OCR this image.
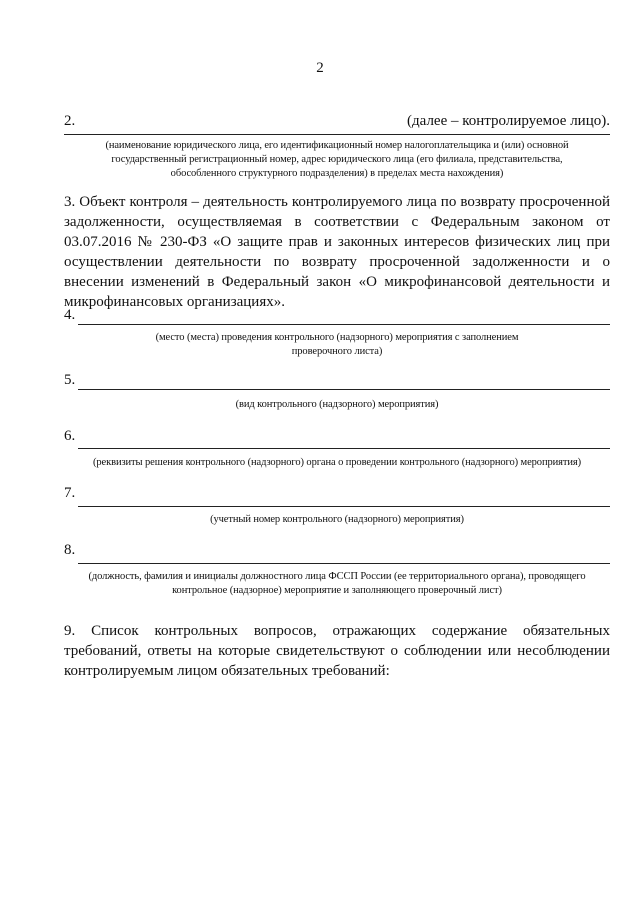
2
2.	(далее – контролируемое лицо).
(наименование юридического лица, его идентификационный номер налогоплательщика и (или) основной
государственный регистрационный номер, адрес юридического лица (его филиала, представительства,
обособленного структурного подразделения) в пределах места нахождения)
3. Объект контроля – деятельность контролируемого лица по возврату просроченной задолженности, осуществляемая в соответствии с Федеральным законом от 03.07.2016 № 230-ФЗ «О защите прав и законных интересов физических лиц при осуществлении деятельности по возврату просроченной задолженности и о внесении изменений в Федеральный закон «О микрофинансовой деятельности и микрофинансовых организациях».
4.
(место (места) проведения контрольного (надзорного) мероприятия с заполнением
проверочного листа)
5.
(вид контрольного (надзорного) мероприятия)
6.
(реквизиты решения контрольного (надзорного) органа о проведении контрольного (надзорного) мероприятия)
7.
(учетный номер контрольного (надзорного) мероприятия)
8.
(должность, фамилия и инициалы должностного лица ФССП России (ее территориального органа), проводящего
контрольное (надзорное) мероприятие и заполняющего проверочный лист)
9. Список контрольных вопросов, отражающих содержание обязательных требований, ответы на которые свидетельствуют о соблюдении или несоблюдении контролируемым лицом обязательных требований:
